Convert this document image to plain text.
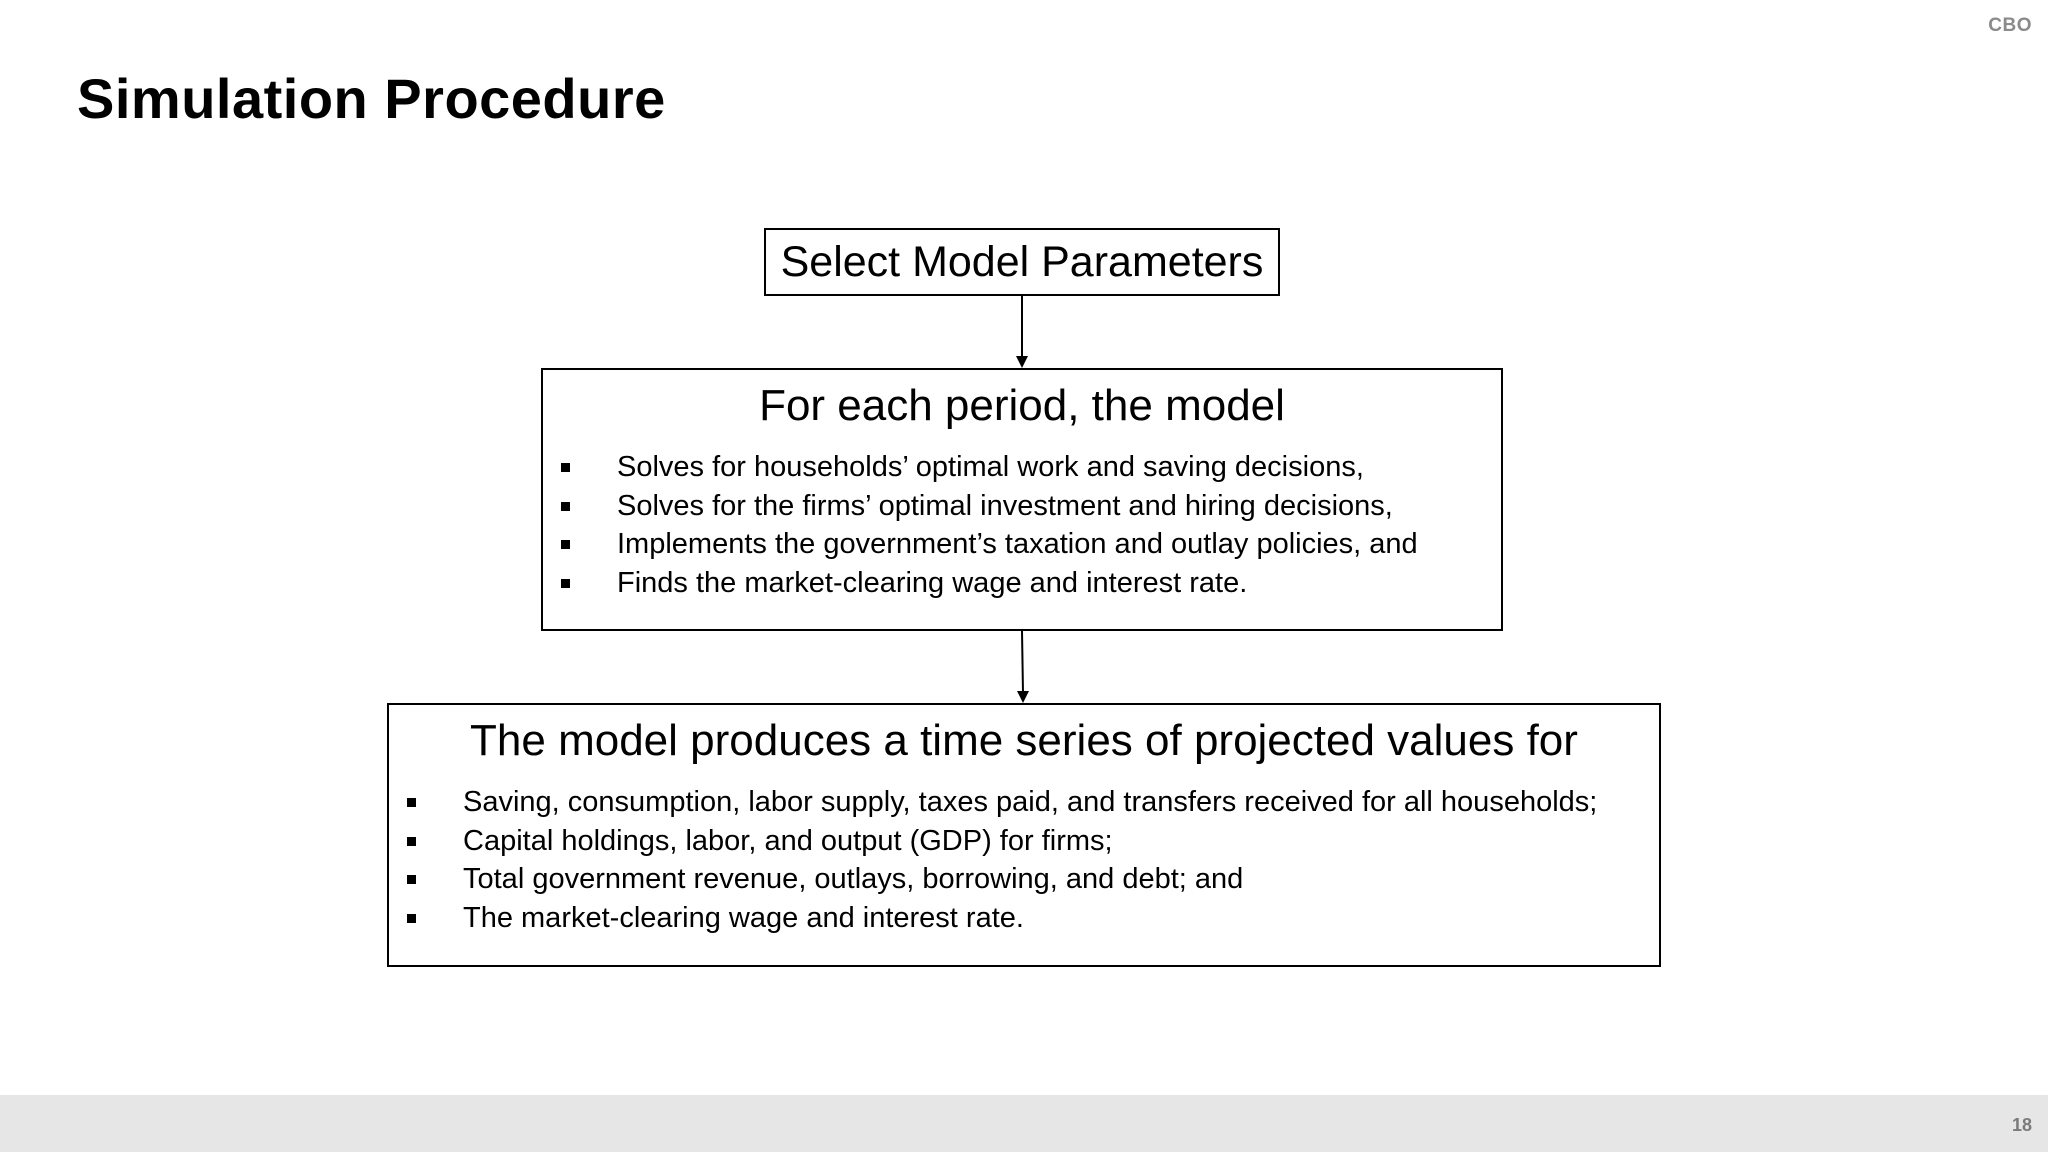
CBO
Simulation Procedure

Select Model Parameters

For each period, the model

Solves for households’ optimal work and saving decisions,
Solves for the firms’ optimal investment and hiring decisions,
Implements the government’s taxation and outlay policies, and
Finds the market-clearing wage and interest rate.

The model produces a time series of projected values for

Saving, consumption, labor supply, taxes paid, and transfers received for all households;
Capital holdings, labor, and output (GDP) for firms;
Total government revenue, outlays, borrowing, and debt; and
The market-clearing wage and interest rate.
18
